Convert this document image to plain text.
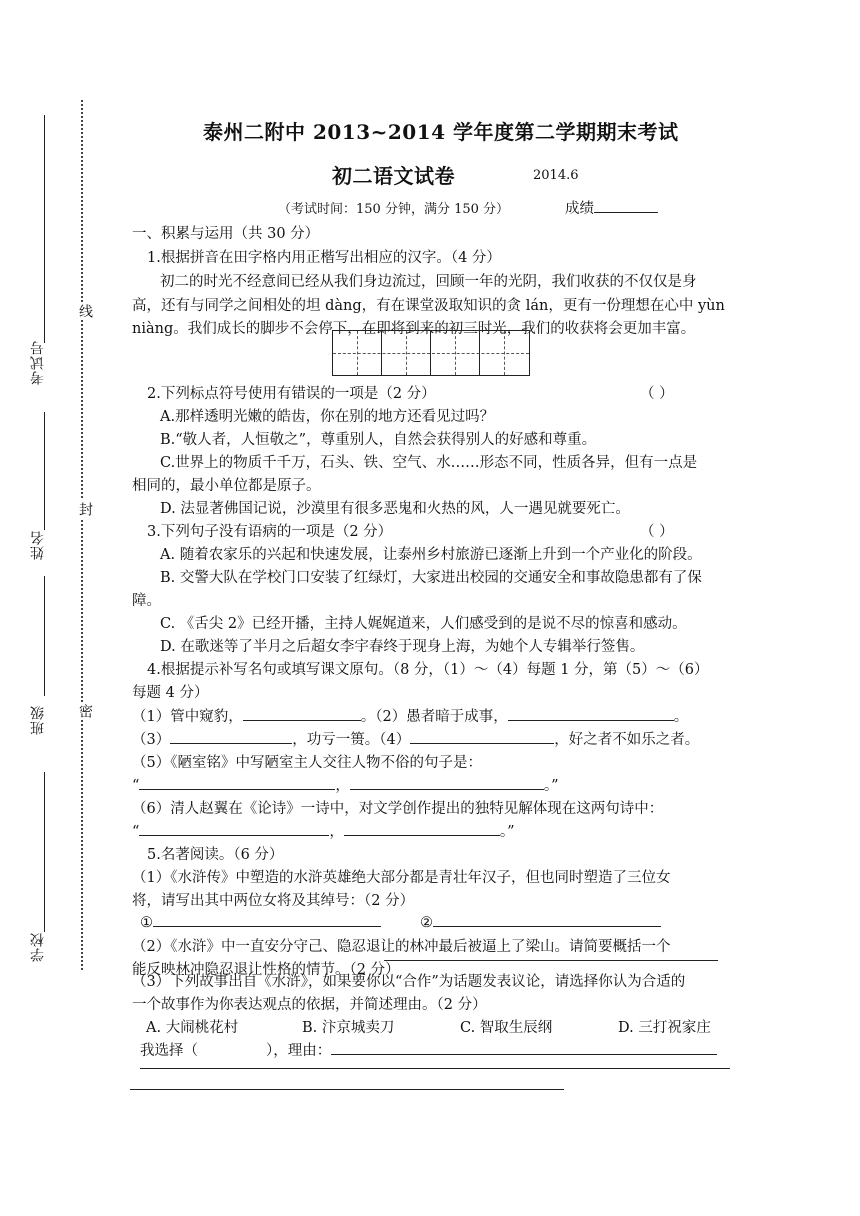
考试号
姓名
班级
学校
线
封
密
泰州二附中 2013~2014 学年度第二学期期末考试
初二语文试卷	2014.6
（考试时间：150 分钟，满分 150 分）	成绩
一、积累与运用（共 30 分）
1.根据拼音在田字格内用正楷写出相应的汉字。（4 分）
初二的时光不经意间已经从我们身边流过，回顾一年的光阴，我们收获的不仅仅是身
高，还有与同学之间相处的坦 dàng，有在课堂汲取知识的贪 lán，更有一份理想在心中 yùn
niàng。我们成长的脚步不会停下，在即将到来的初三时光，我们的收获将会更加丰富。
2.下列标点符号使用有错误的一项是（2 分）	（ ）
A.那样透明光嫩的皓齿，你在别的地方还看见过吗？
B.“敬人者，人恒敬之”，尊重别人，自然会获得别人的好感和尊重。
C.世界上的物质千千万，石头、铁、空气、水……形态不同，性质各异，但有一点是
相同的，最小单位都是原子。
D. 法显著佛国记说，沙漠里有很多恶鬼和火热的风，人一遇见就要死亡。
3.下列句子没有语病的一项是（2 分）	（ ）
A. 随着农家乐的兴起和快速发展，让泰州乡村旅游已逐渐上升到一个产业化的阶段。
B. 交警大队在学校门口安装了红绿灯，大家进出校园的交通安全和事故隐患都有了保
障。
C. 《舌尖 2》已经开播，主持人娓娓道来，人们感受到的是说不尽的惊喜和感动。
D. 在歌迷等了半月之后超女李宇春终于现身上海，为她个人专辑举行签售。
4.根据提示补写名句或填写课文原句。（8 分，（1）～（4）每题 1 分，第（5）～（6）
每题 4 分）
（1）管中窥豹，	。（2）愚者暗于成事，	。
（3）	，功亏一篑。（4）	，好之者不如乐之者。
（5）《陋室铭》中写陋室主人交往人物不俗的句子是：
“	，	。”
（6）清人赵翼在《论诗》一诗中，对文学创作提出的独特见解体现在这两句诗中：
“	，	。”
5.名著阅读。（6 分）
（1）《水浒传》中塑造的水浒英雄绝大部分都是青壮年汉子，但也同时塑造了三位女
将，请写出其中两位女将及其绰号：（2 分）
①	②
（2）《水浒》中一直安分守己、隐忍退让的林冲最后被逼上了梁山。请简要概括一个
能反映林冲隐忍退让性格的情节。（2 分）
（3）下列故事出自《水浒》，如果要你以“合作”为话题发表议论，请选择你认为合适的
一个故事作为你表达观点的依据，并简述理由。（2 分）
A. 大闹桃花村	B. 汴京城卖刀	C. 智取生辰纲	D. 三打祝家庄
我选择（	），理由：
